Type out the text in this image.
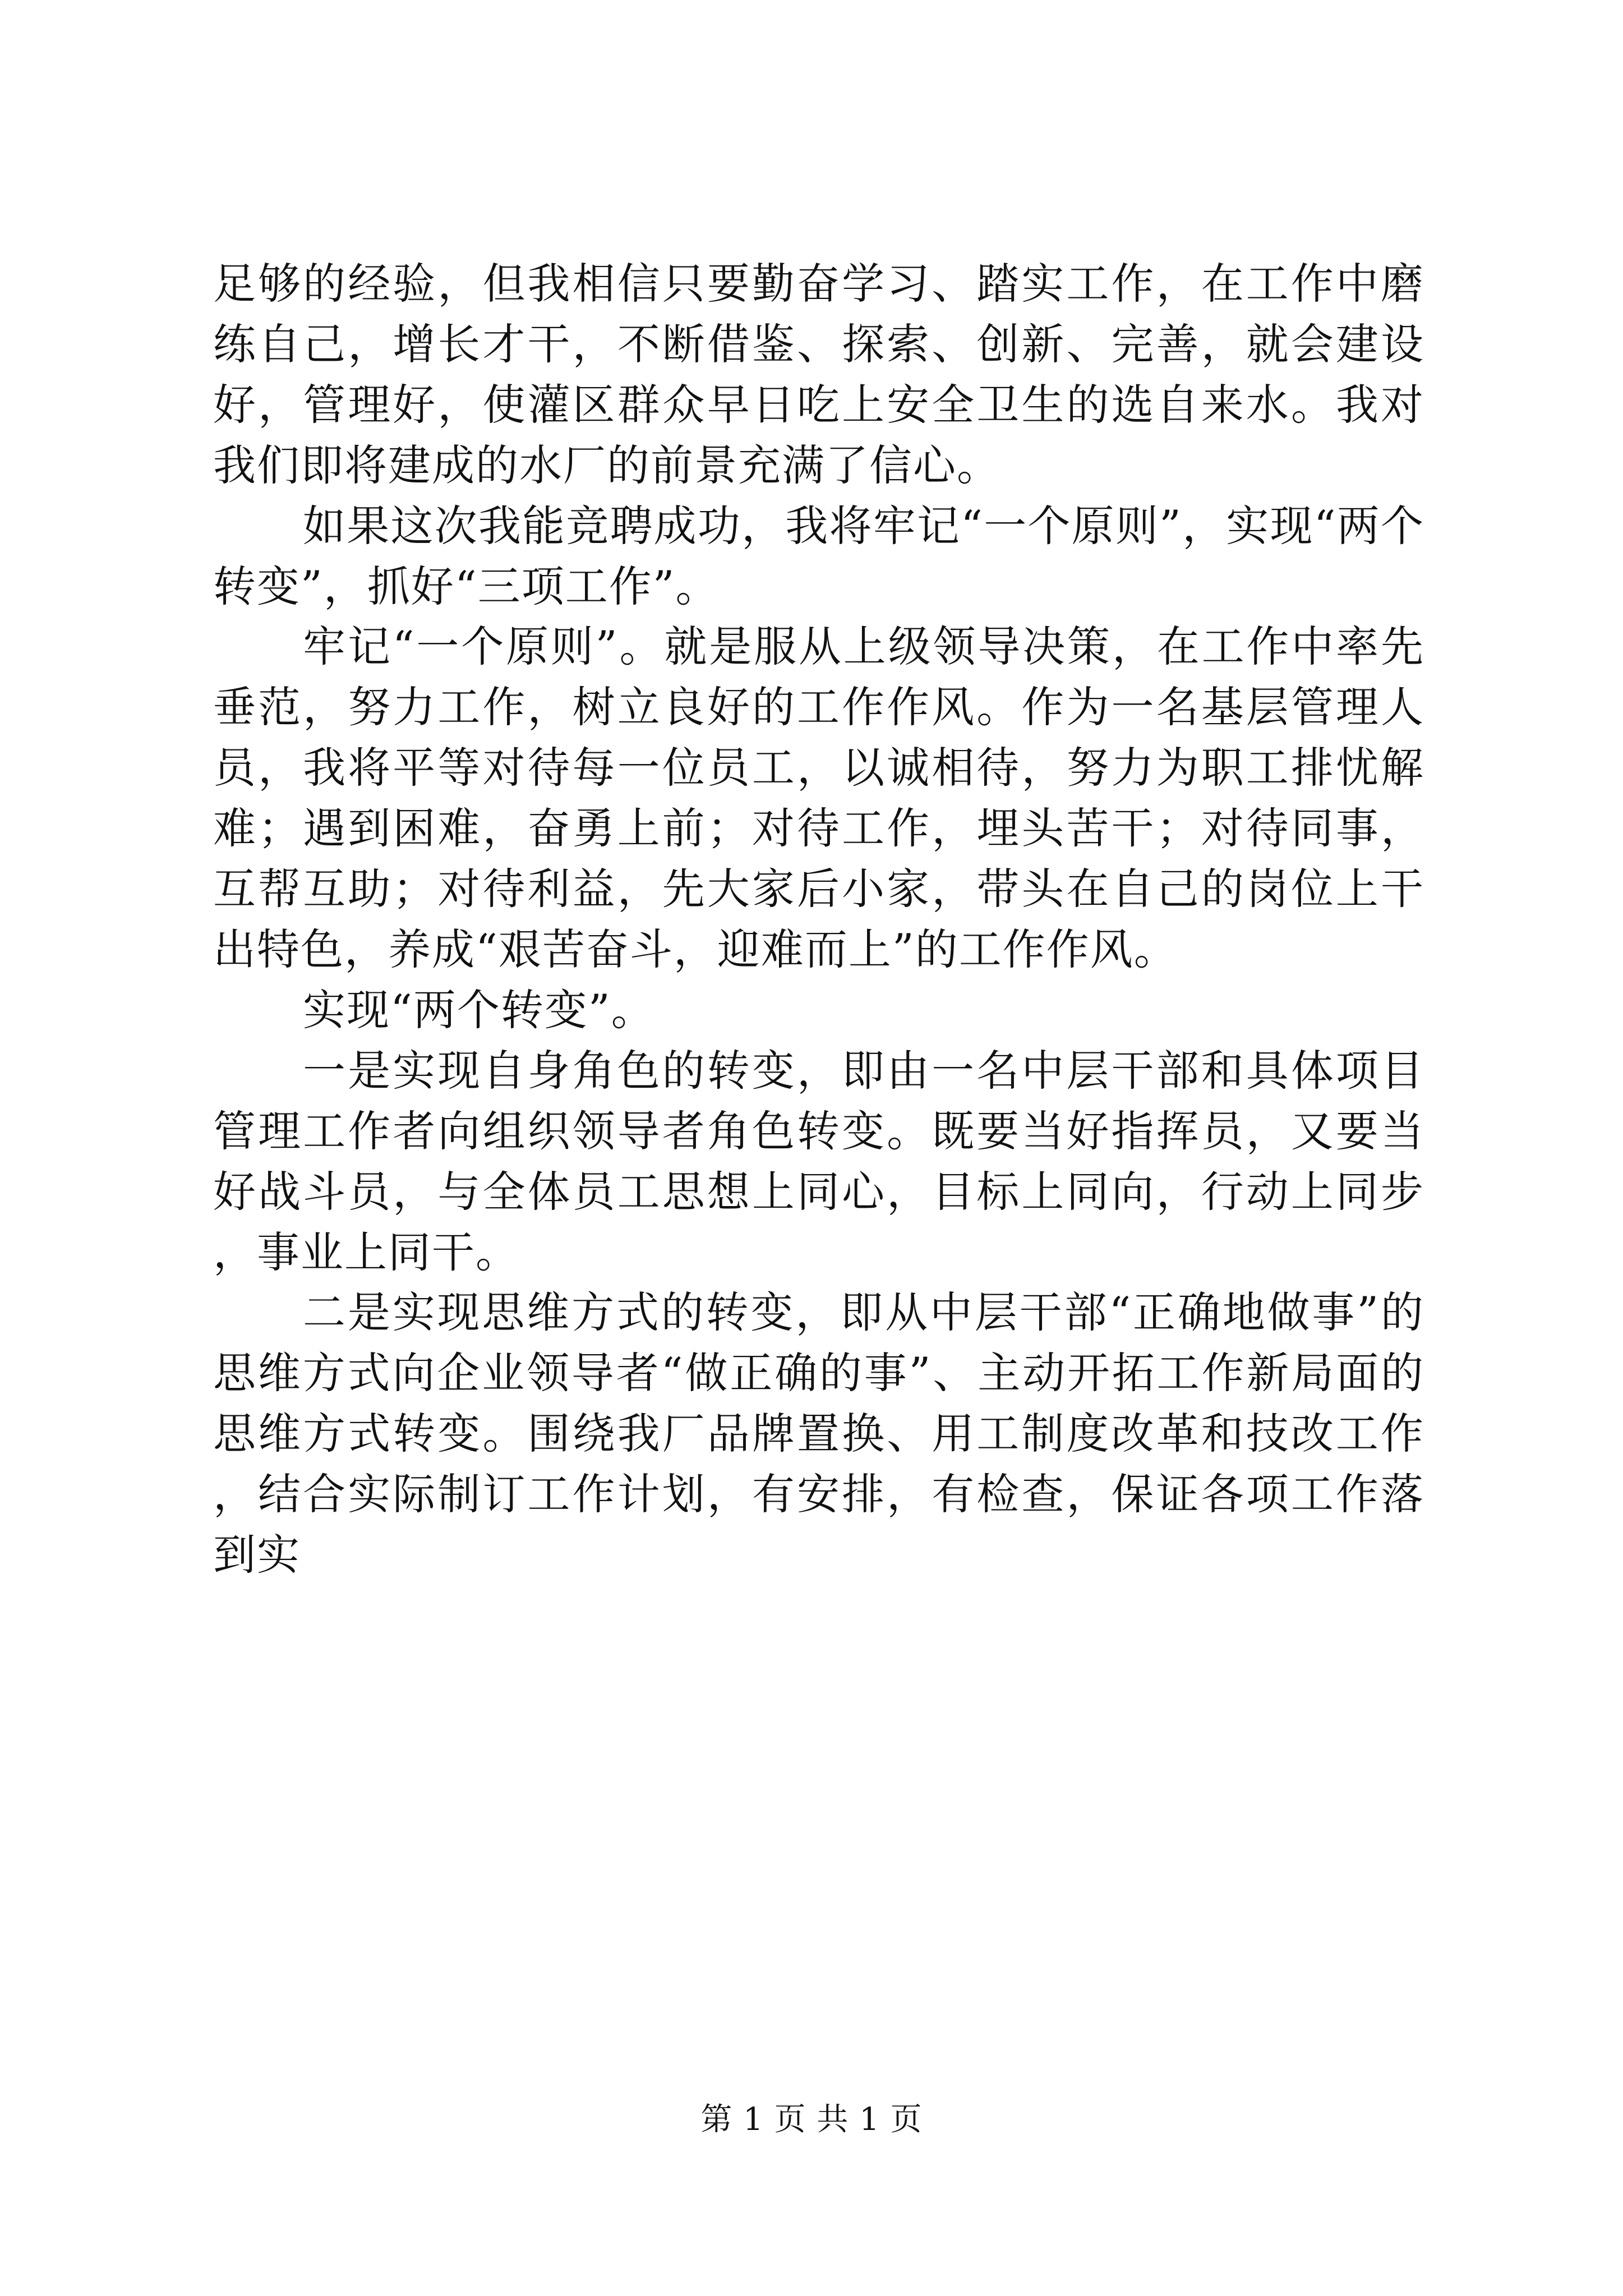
足够的经验，但我相信只要勤奋学习、踏实工作，在工作中磨练自己，增长才干，不断借鉴、探索、创新、完善，就会建设好，管理好，使灌区群众早日吃上安全卫生的选自来水。我对我们即将建成的水厂的前景充满了信心。

如果这次我能竞聘成功，我将牢记“一个原则”，实现“两个转变”，抓好“三项工作”。

牢记“一个原则”。就是服从上级领导决策，在工作中率先垂范，努力工作，树立良好的工作作风。作为一名基层管理人员，我将平等对待每一位员工，以诚相待，努力为职工排忧解难；遇到困难，奋勇上前；对待工作，埋头苦干；对待同事，互帮互助；对待利益，先大家后小家，带头在自己的岗位上干出特色，养成“艰苦奋斗，迎难而上”的工作作风。

实现“两个转变”。

一是实现自身角色的转变，即由一名中层干部和具体项目管理工作者向组织领导者角色转变。既要当好指挥员，又要当好战斗员，与全体员工思想上同心，目标上同向，行动上同步，事业上同干。

二是实现思维方式的转变，即从中层干部“正确地做事”的思维方式向企业领导者“做正确的事”、主动开拓工作新局面的思维方式转变。围绕我厂品牌置换、用工制度改革和技改工作，结合实际制订工作计划，有安排，有检查，保证各项工作落到实

第 1 页 共 1 页
